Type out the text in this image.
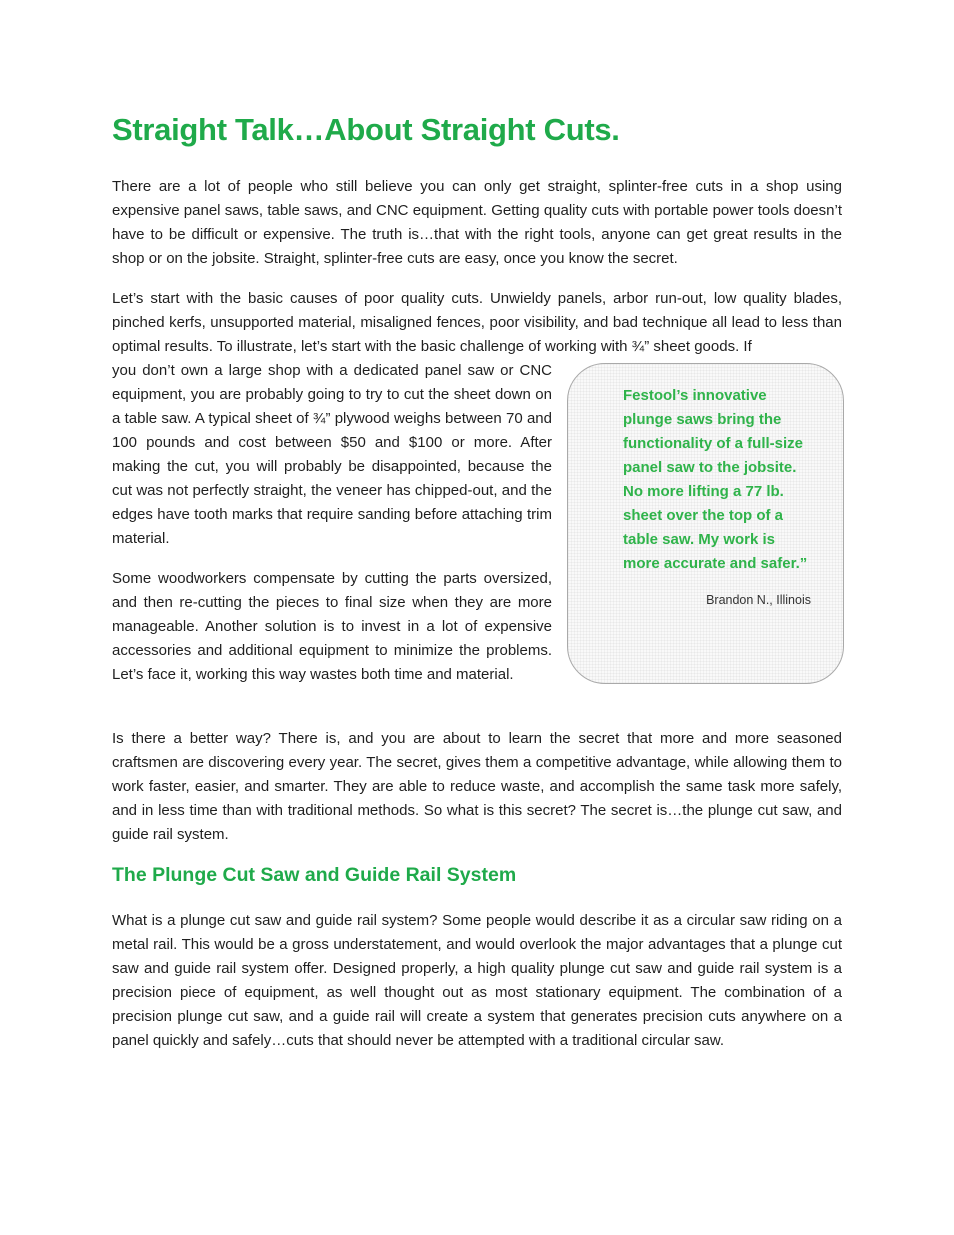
Straight Talk…About Straight Cuts.

There are a lot of people who still believe you can only get straight, splinter-free cuts in a shop using expensive panel saws, table saws, and CNC equipment. Getting quality cuts with portable power tools doesn’t have to be difficult or expensive. The truth is…that with the right tools, anyone can get great results in the shop or on the jobsite. Straight, splinter-free cuts are easy, once you know the secret.

Let’s start with the basic causes of poor quality cuts. Unwieldy panels, arbor run-out, low quality blades, pinched kerfs, unsupported material, misaligned fences, poor visibility, and bad technique all lead to less than optimal results. To illustrate, let’s start with the basic challenge of working with ¾” sheet goods. If

you don’t own a large shop with a dedicated panel saw or CNC equipment, you are probably going to try to cut the sheet down on a table saw. A typical sheet of ¾” plywood weighs between 70 and 100 pounds and cost between $50 and $100 or more. After making the cut, you will probably be disappointed, because the cut was not perfectly straight, the veneer has chipped-out, and the edges have tooth marks that require sanding before attaching trim material.

Some woodworkers compensate by cutting the parts oversized, and then re-cutting the pieces to final size when they are more manageable. Another solution is to invest in a lot of expensive accessories and additional equipment to minimize the problems. Let’s face it, working this way wastes both time and material.

Festool’s innovative
plunge saws bring the
functionality of a full-size
panel saw to the jobsite.
No more lifting a 77 lb.
sheet over the top of a
table saw. My work is
more accurate and safer.”

Brandon N., Illinois

Is there a better way? There is, and you are about to learn the secret that more and more seasoned craftsmen are discovering every year. The secret, gives them a competitive advantage, while allowing them to work faster, easier, and smarter. They are able to reduce waste, and accomplish the same task more safely, and in less time than with traditional methods. So what is this secret? The secret is…the plunge cut saw, and guide rail system.

The Plunge Cut Saw and Guide Rail System

What is a plunge cut saw and guide rail system? Some people would describe it as a circular saw riding on a metal rail. This would be a gross understatement, and would overlook the major advantages that a plunge cut saw and guide rail system offer. Designed properly, a high quality plunge cut saw and guide rail system is a precision piece of equipment, as well thought out as most stationary equipment. The combination of a precision plunge cut saw, and a guide rail will create a system that generates precision cuts anywhere on a panel quickly and safely…cuts that should never be attempted with a traditional circular saw.
